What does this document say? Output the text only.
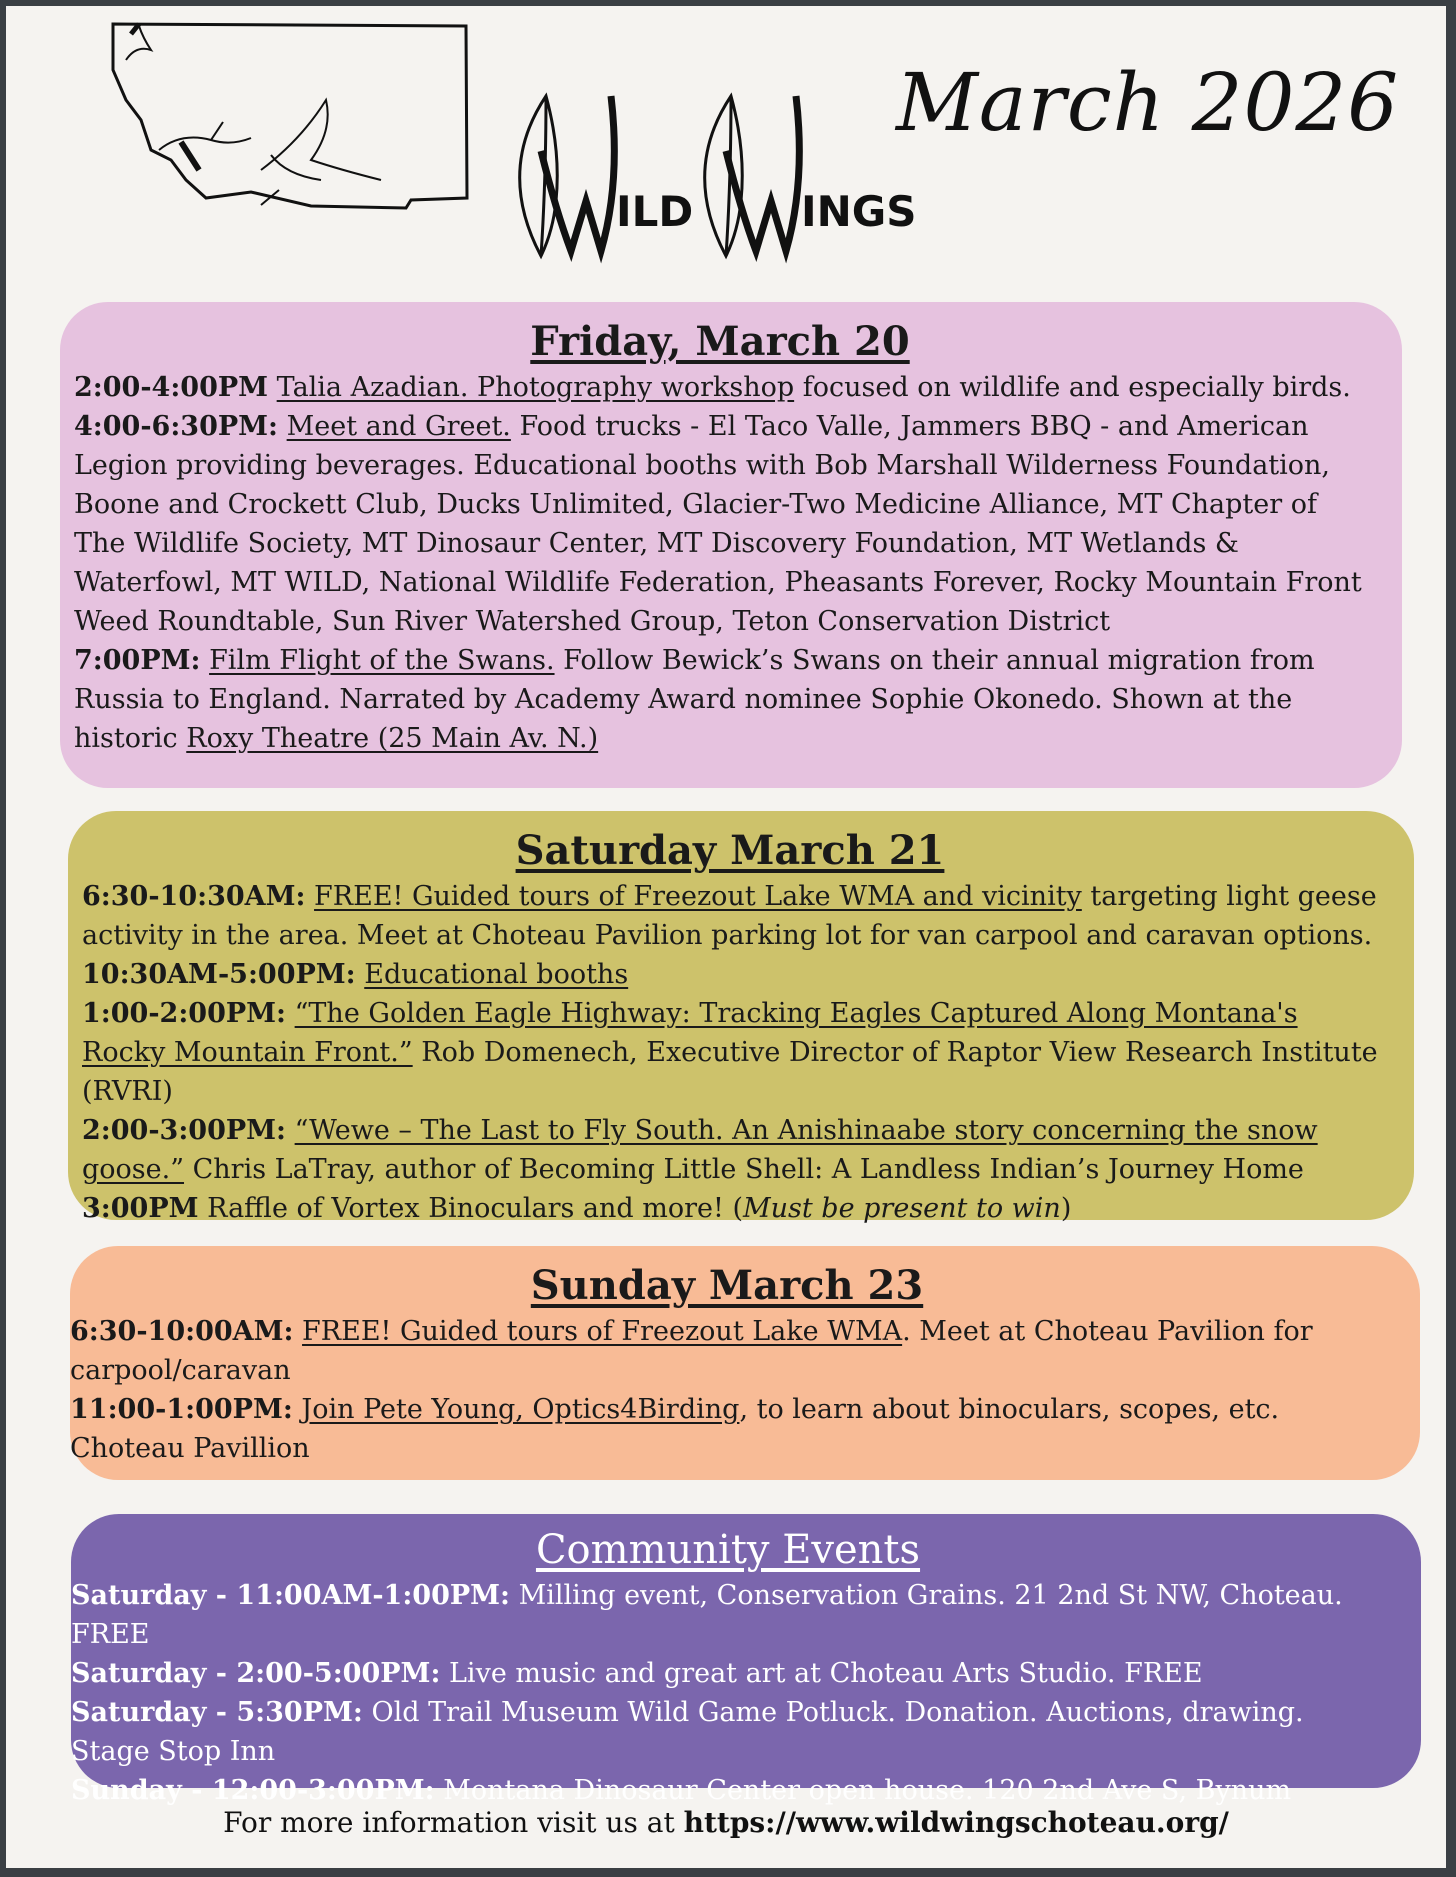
ILD	INGS
March 2026
Friday, March 20
2:00-4:00PM Talia Azadian. Photography workshop focused on wildlife and especially birds.
4:00-6:30PM: Meet and Greet. Food trucks - El Taco Valle, Jammers BBQ - and American Legion providing beverages. Educational booths with Bob Marshall Wilderness Foundation, Boone and Crockett Club, Ducks Unlimited, Glacier-Two Medicine Alliance, MT Chapter of The Wildlife Society, MT Dinosaur Center, MT Discovery Foundation, MT Wetlands & Waterfowl, MT WILD, National Wildlife Federation, Pheasants Forever, Rocky Mountain Front Weed Roundtable, Sun River Watershed Group, Teton Conservation District
7:00PM: Film Flight of the Swans. Follow Bewick’s Swans on their annual migration from Russia to England. Narrated by Academy Award nominee Sophie Okonedo. Shown at the historic Roxy Theatre (25 Main Av. N.)
Saturday March 21
6:30-10:30AM: FREE! Guided tours of Freezout Lake WMA and vicinity targeting light geese activity in the area. Meet at Choteau Pavilion parking lot for van carpool and caravan options.
10:30AM-5:00PM: Educational booths
1:00-2:00PM: “The Golden Eagle Highway: Tracking Eagles Captured Along Montana's Rocky Mountain Front.” Rob Domenech, Executive Director of Raptor View Research Institute (RVRI)
2:00-3:00PM: “Wewe – The Last to Fly South. An Anishinaabe story concerning the snow goose.” Chris LaTray, author of Becoming Little Shell: A Landless Indian’s Journey Home
3:00PM Raffle of Vortex Binoculars and more! (Must be present to win)
Sunday March 23
6:30-10:00AM: FREE! Guided tours of Freezout Lake WMA. Meet at Choteau Pavilion for carpool/caravan
11:00-1:00PM: Join Pete Young, Optics4Birding, to learn about binoculars, scopes, etc. Choteau Pavillion
Community Events
Saturday - 11:00AM-1:00PM: Milling event, Conservation Grains. 21 2nd St NW, Choteau. FREE
Saturday - 2:00-5:00PM: Live music and great art at Choteau Arts Studio. FREE
Saturday - 5:30PM: Old Trail Museum Wild Game Potluck. Donation. Auctions, drawing. Stage Stop Inn
Sunday - 12:00-3:00PM: Montana Dinosaur Center open house. 120 2nd Ave S, Bynum
For more information visit us at https://www.wildwingschoteau.org/
